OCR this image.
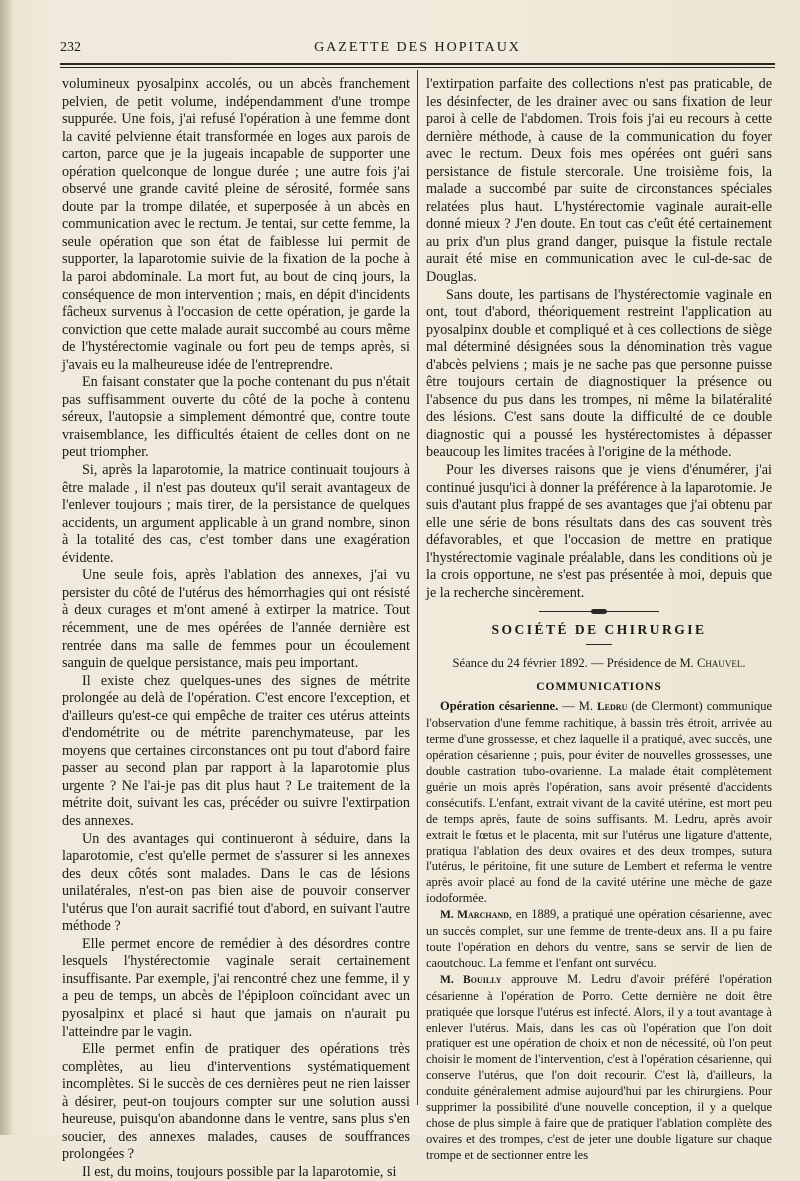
232	GAZETTE DES HOPITAUX

volumineux pyosalpinx accolés, ou un abcès franchement pelvien, de petit volume, indépendamment d'une trompe suppurée. Une fois, j'ai refusé l'opération à une femme dont la cavité pelvienne était transformée en loges aux parois de carton, parce que je la jugeais incapable de supporter une opération quelconque de longue durée ; une autre fois j'ai observé une grande cavité pleine de sérosité, formée sans doute par la trompe dilatée, et superposée à un abcès en communication avec le rectum. Je tentai, sur cette femme, la seule opération que son état de faiblesse lui permit de supporter, la laparotomie suivie de la fixation de la poche à la paroi abdominale. La mort fut, au bout de cinq jours, la conséquence de mon intervention ; mais, en dépit d'incidents fâcheux survenus à l'occasion de cette opération, je garde la conviction que cette malade aurait succombé au cours même de l'hystérectomie vaginale ou fort peu de temps après, si j'avais eu la malheureuse idée de l'entreprendre.

En faisant constater que la poche contenant du pus n'était pas suffisamment ouverte du côté de la poche à contenu séreux, l'autopsie a simplement démontré que, contre toute vraisemblance, les difficultés étaient de celles dont on ne peut triompher.

Si, après la laparotomie, la matrice continuait toujours à être malade , il n'est pas douteux qu'il serait avantageux de l'enlever toujours ; mais tirer, de la persistance de quelques accidents, un argument applicable à un grand nombre, sinon à la totalité des cas, c'est tomber dans une exagération évidente.

Une seule fois, après l'ablation des annexes, j'ai vu persister du côté de l'utérus des hémorrhagies qui ont résisté à deux curages et m'ont amené à extirper la matrice. Tout récemment, une de mes opérées de l'année dernière est rentrée dans ma salle de femmes pour un écoulement sanguin de quelque persistance, mais peu important.

Il existe chez quelques-unes des signes de métrite prolongée au delà de l'opération. C'est encore l'exception, et d'ailleurs qu'est-ce qui empêche de traiter ces utérus atteints d'endométrite ou de métrite parenchymateuse, par les moyens que certaines circonstances ont pu tout d'abord faire passer au second plan par rapport à la laparotomie plus urgente ? Ne l'ai-je pas dit plus haut ? Le traitement de la métrite doit, suivant les cas, précéder ou suivre l'extirpation des annexes.

Un des avantages qui continueront à séduire, dans la laparotomie, c'est qu'elle permet de s'assurer si les annexes des deux côtés sont malades. Dans le cas de lésions unilatérales, n'est-on pas bien aise de pouvoir conserver l'utérus que l'on aurait sacrifié tout d'abord, en suivant l'autre méthode ?

Elle permet encore de remédier à des désordres contre lesquels l'hystérectomie vaginale serait certainement insuffisante. Par exemple, j'ai rencontré chez une femme, il y a peu de temps, un abcès de l'épiploon coïncidant avec un pyosalpinx et placé si haut que jamais on n'aurait pu l'atteindre par le vagin.

Elle permet enfin de pratiquer des opérations très complètes, au lieu d'interventions systématiquement incomplètes. Si le succès de ces dernières peut ne rien laisser à désirer, peut-on toujours compter sur une solution aussi heureuse, puisqu'on abandonne dans le ventre, sans plus s'en soucier, des annexes malades, causes de souffrances prolongées ?

Il est, du moins, toujours possible par la laparotomie, si

l'extirpation parfaite des collections n'est pas praticable, de les désinfecter, de les drainer avec ou sans fixation de leur paroi à celle de l'abdomen. Trois fois j'ai eu recours à cette dernière méthode, à cause de la communication du foyer avec le rectum. Deux fois mes opérées ont guéri sans persistance de fistule stercorale. Une troisième fois, la malade a succombé par suite de circonstances spéciales relatées plus haut. L'hystérectomie vaginale aurait-elle donné mieux ? J'en doute. En tout cas c'eût été certainement au prix d'un plus grand danger, puisque la fistule rectale aurait été mise en communication avec le cul-de-sac de Douglas.

Sans doute, les partisans de l'hystérectomie vaginale en ont, tout d'abord, théoriquement restreint l'application au pyosalpinx double et compliqué et à ces collections de siège mal déterminé désignées sous la dénomination très vague d'abcès pelviens ; mais je ne sache pas que personne puisse être toujours certain de diagnostiquer la présence ou l'absence du pus dans les trompes, ni même la bilatéralité des lésions. C'est sans doute la difficulté de ce double diagnostic qui a poussé les hystérectomistes à dépasser beaucoup les limites tracées à l'origine de la méthode.

Pour les diverses raisons que je viens d'énumérer, j'ai continué jusqu'ici à donner la préférence à la laparotomie. Je suis d'autant plus frappé de ses avantages que j'ai obtenu par elle une série de bons résultats dans des cas souvent très défavorables, et que l'occasion de mettre en pratique l'hystérectomie vaginale préalable, dans les conditions où je la crois opportune, ne s'est pas présentée à moi, depuis que je la recherche sincèrement.

SOCIÉTÉ DE CHIRURGIE
Séance du 24 février 1892. — Présidence de M. Chauvel.
COMMUNICATIONS

Opération césarienne. — M. Ledru (de Clermont) communique l'observation d'une femme rachitique, à bassin très étroit, arrivée au terme d'une grossesse, et chez laquelle il a pratiqué, avec succès, une opération césarienne ; puis, pour éviter de nouvelles grossesses, une double castration tubo-ovarienne. La malade était complètement guérie un mois après l'opération, sans avoir présenté d'accidents consécutifs. L'enfant, extrait vivant de la cavité utérine, est mort peu de temps après, faute de soins suffisants. M. Ledru, après avoir extrait le fœtus et le placenta, mit sur l'utérus une ligature d'attente, pratiqua l'ablation des deux ovaires et des deux trompes, sutura l'utérus, le péritoine, fit une suture de Lembert et referma le ventre après avoir placé au fond de la cavité utérine une mèche de gaze iodoformée.

M. Marchand, en 1889, a pratiqué une opération césarienne, avec un succès complet, sur une femme de trente-deux ans. Il a pu faire toute l'opération en dehors du ventre, sans se servir de lien de caoutchouc. La femme et l'enfant ont survécu.

M. Bouilly approuve M. Ledru d'avoir préféré l'opération césarienne à l'opération de Porro. Cette dernière ne doit être pratiquée que lorsque l'utérus est infecté. Alors, il y a tout avantage à enlever l'utérus. Mais, dans les cas où l'opération que l'on doit pratiquer est une opération de choix et non de nécessité, où l'on peut choisir le moment de l'intervention, c'est à l'opération césarienne, qui conserve l'utérus, que l'on doit recourir. C'est là, d'ailleurs, la conduite généralement admise aujourd'hui par les chirurgiens. Pour supprimer la possibilité d'une nouvelle conception, il y a quelque chose de plus simple à faire que de pratiquer l'ablation complète des ovaires et des trompes, c'est de jeter une double ligature sur chaque trompe et de sectionner entre les
